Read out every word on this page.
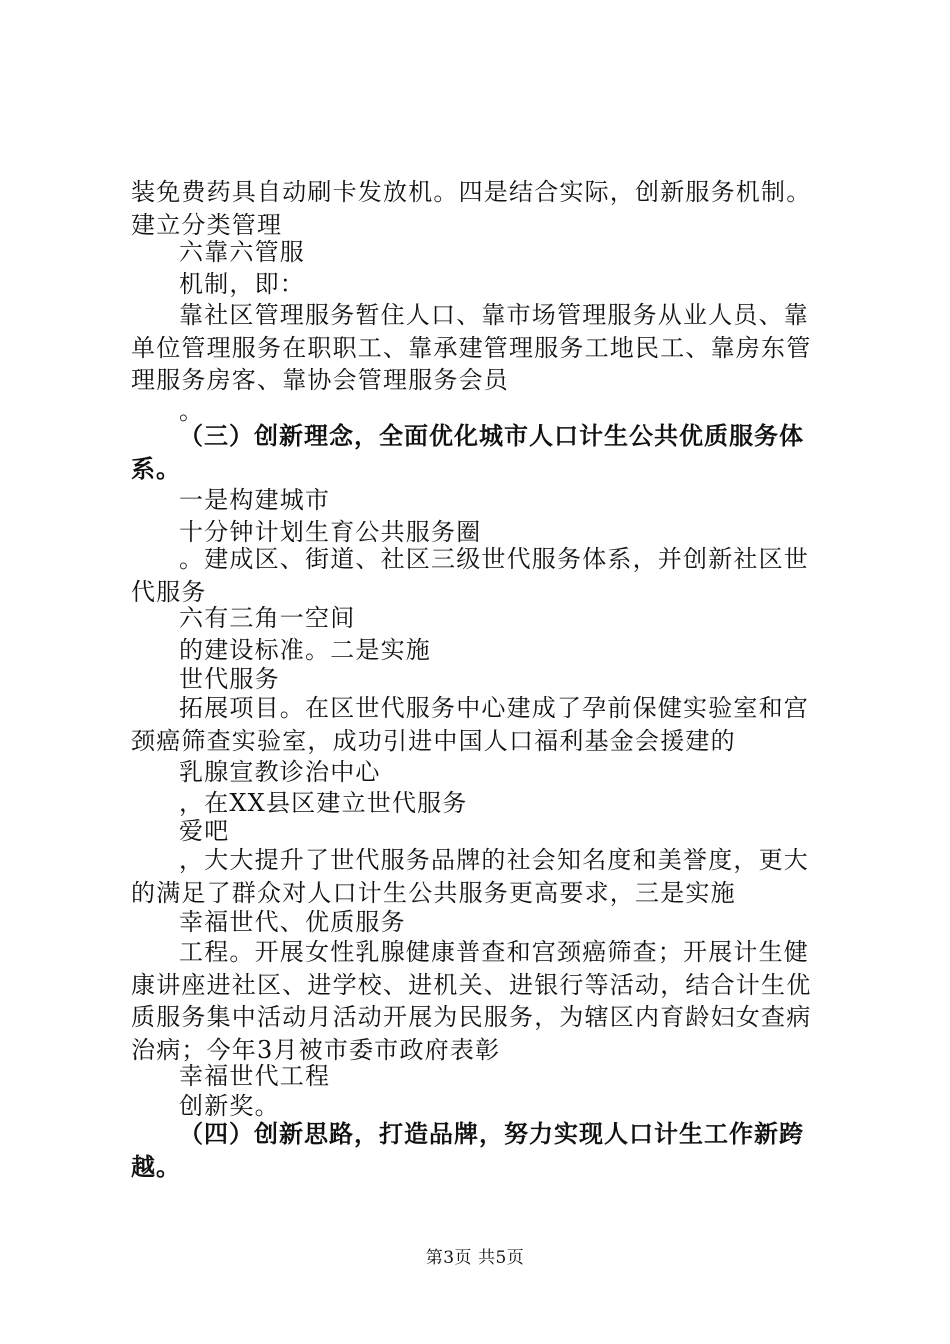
装免费药具自动刷卡发放机。四是结合实际，创新服务机制。建立分类管理

六靠六管服

机制，即：

靠社区管理服务暂住人口、靠市场管理服务从业人员、靠单位管理服务在职职工、靠承建管理服务工地民工、靠房东管理服务房客、靠协会管理服务会员

。

（三）创新理念，全面优化城市人口计生公共优质服务体系。

一是构建城市

十分钟计划生育公共服务圈

。建成区、街道、社区三级世代服务体系，并创新社区世代服务

六有三角一空间

的建设标准。二是实施

世代服务

拓展项目。在区世代服务中心建成了孕前保健实验室和宫颈癌筛查实验室，成功引进中国人口福利基金会援建的

乳腺宣教诊治中心

，在XX县区建立世代服务

爱吧

，大大提升了世代服务品牌的社会知名度和美誉度，更大的满足了群众对人口计生公共服务更高要求，三是实施

幸福世代、优质服务

工程。开展女性乳腺健康普查和宫颈癌筛查；开展计生健康讲座进社区、进学校、进机关、进银行等活动，结合计生优质服务集中活动月活动开展为民服务，为辖区内育龄妇女查病治病；今年3月被市委市政府表彰

幸福世代工程

创新奖。

（四）创新思路，打造品牌，努力实现人口计生工作新跨越。

第3页 共5页
